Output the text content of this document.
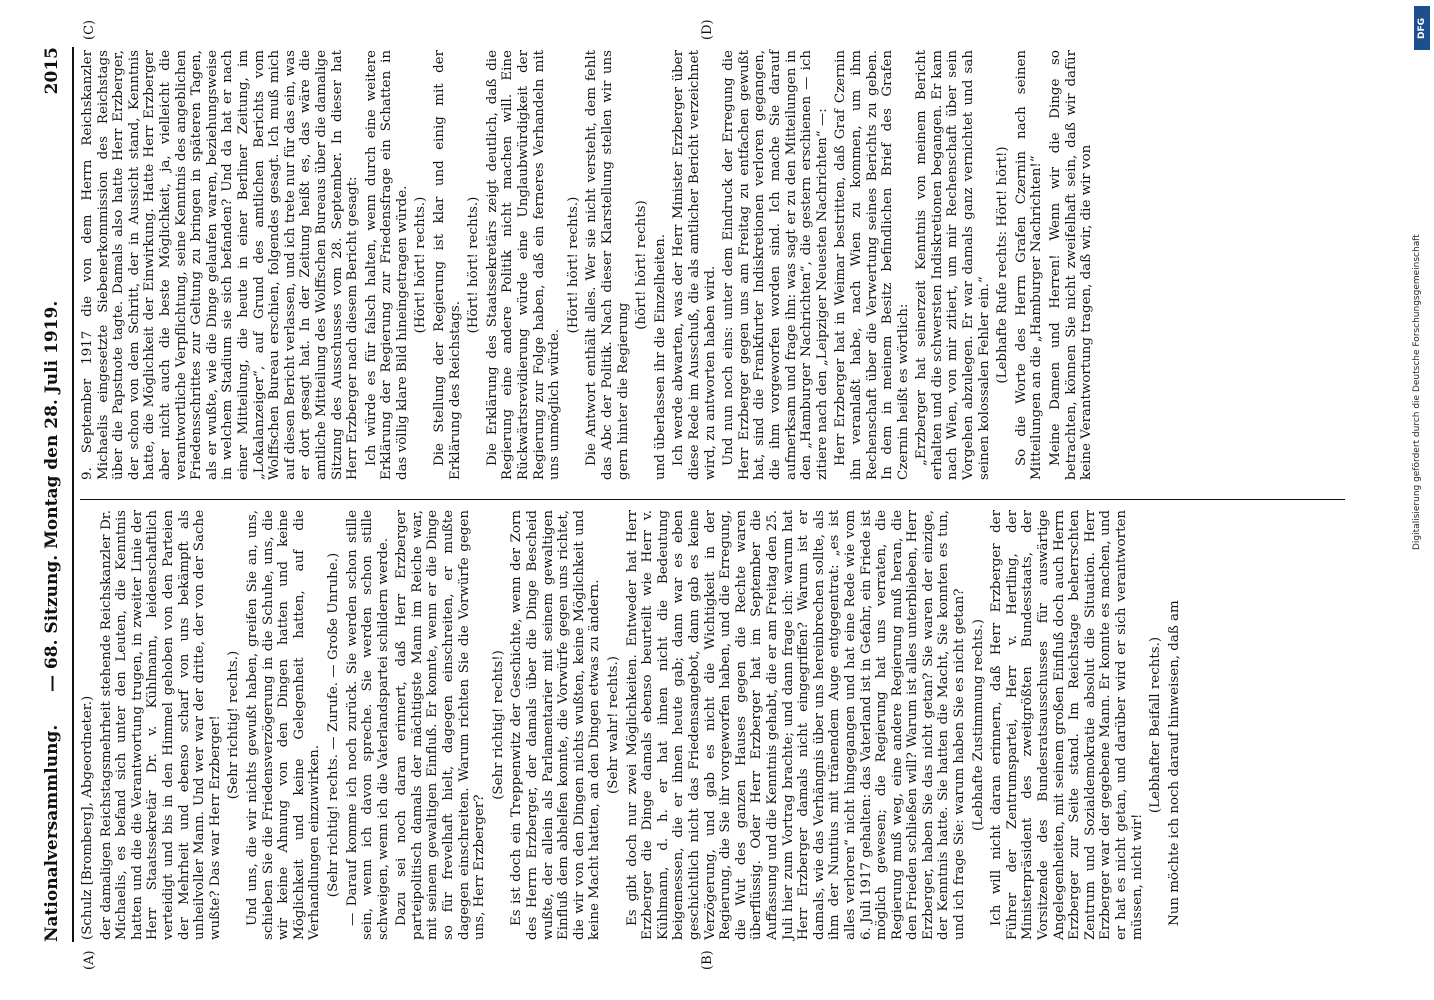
Nationalversammlung.
— 68. Sitzung. Montag den 28. Juli 1919.
2015
(A)	(B)
(C)	(D)

(Schulz [Bromberg], Abgeordneter.) der damaligen Reichstagsmehrheit stehende Reichskanzler Dr. Michaelis, es befand sich unter den Leuten, die Kenntnis hatten und die die Verantwortung trugen, in zweiter Linie der Herr Staatssekretär Dr. v. Kühlmann, leidenschaftlich verteidigt und bis in den Himmel gehoben von den Parteien der Mehrheit und ebenso scharf von uns bekämpft als unheilvoller Mann. Und wer war der dritte, der von der Sache wußte? Das war Herr Erzberger! (Sehr richtig! rechts.) Und uns, die wir nichts gewußt haben, greifen Sie an, uns, schieben Sie die Friedensverzögerung in die Schuhe, uns, die wir keine Ahnung von den Dingen hatten und keine Möglichkeit und keine Gelegenheit hatten, auf die Verhandlungen einzuwirken. (Sehr richtig! rechts. — Zurufe. — Große Unruhe.) — Darauf komme ich noch zurück. Sie werden schon stille sein, wenn ich davon spreche. Sie werden schon stille schweigen, wenn ich die Vaterlandspartei schildern werde. Dazu sei noch daran erinnert, daß Herr Erzberger parteipolitisch damals der mächtigste Mann im Reiche war, mit seinem gewaltigen Einfluß. Er konnte, wenn er die Dinge so für frevelhaft hielt, dagegen einschreiten, er mußte dagegen einschreiten. Warum richten Sie die Vorwürfe gegen uns, Herr Erzberger?

(Sehr richtig! rechts!) Es ist doch ein Treppenwitz der Geschichte, wenn der Zorn des Herrn Erzberger, der damals über die Dinge Bescheid wußte, der allein als Parlamentarier mit seinem gewaltigen Einfluß dem abhelfen konnte, die Vorwürfe gegen uns richtet, die wir von den Dingen nichts wußten, keine Möglichkeit und keine Macht hatten, an den Dingen etwas zu ändern. (Sehr wahr! rechts.) Es gibt doch nur zwei Möglichkeiten. Entweder hat Herr Erzberger die Dinge damals ebenso beurteilt wie Herr v. Kühlmann, d. h. er hat ihnen nicht die Bedeutung beigemessen, die er ihnen heute gab; dann war es eben geschichtlich nicht das Friedensangebot, dann gab es keine Verzögerung, und gab es nicht die Wichtigkeit in der Regierung, die Sie ihr vorgeworfen haben, und die Erregung, die Wut des ganzen Hauses gegen die Rechte waren überflüssig. Oder Herr Erzberger hat im September die Auffassung und die Kenntnis gehabt, die er am Freitag den 25. Juli hier zum Vortrag brachte; und dann frage ich: warum hat Herr Erzberger damals nicht eingegriffen? Warum ist er damals, wie das Verhängnis über uns hereinbrechen sollte, als ihm der Nuntius mit tränendem Auge entgegentrat: „es ist alles verloren“ nicht hingegangen und hat eine Rede wie vom 6. Juli 1917 gehalten: das Vaterland ist in Gefahr, ein Friede ist möglich gewesen; die Regierung hat uns verraten, die Regierung muß weg, eine andere Regierung muß heran, die den Frieden schließen will? Warum ist alles unterblieben, Herr Erzberger, haben Sie das nicht getan? Sie waren der einzige, der Kenntnis hatte. Sie hatten die Macht, Sie konnten es tun, und ich frage Sie: warum haben Sie es nicht getan? (Lebhafte Zustimmung rechts.) Ich will nicht daran erinnern, daß Herr Erzberger der Führer der Zentrumspartei, Herr v. Hertling, der Ministerpräsident des zweitgrößten Bundesstaats, der Vorsitzende des Bundesratsausschusses für auswärtige Angelegenheiten, mit seinem großen Einfluß doch auch Herrn Erzberger zur Seite stand. Im Reichstage beherrschten Zentrum und Sozialdemokratie absolut die Situation. Herr Erzberger war der gegebene Mann. Er konnte es machen, und er hat es nicht getan, und darüber wird er sich verantworten müssen, nicht wir!

(Lebhafter Beifall rechts.) Nun möchte ich noch darauf hinweisen, daß am

9. September 1917 die von dem Herrn Reichskanzler Michaelis eingesetzte Siebenerkommission des Reichstags über die Papstnote tagte. Damals also hatte Herr Erzberger, der schon von dem Schritt, der in Aussicht stand, Kenntnis hatte, die Möglichkeit der Einwirkung. Hatte Herr Erzberger aber nicht auch die beste Möglichkeit, ja, vielleicht die verantwortliche Verpflichtung, seine Kenntnis des angeblichen Friedensschrittes zur Geltung zu bringen in späteren Tagen, als er wußte, wie die Dinge gelaufen waren, beziehungsweise in welchem Stadium sie sich befanden? Und da hat er nach einer Mitteilung, die heute in einer Berliner Zeitung, im „Lokalanzeiger“, auf Grund des amtlichen Berichts vom Wolffschen Bureau erschien, folgendes gesagt. Ich muß mich auf diesen Bericht verlassen, und ich trete nur für das ein, was er dort gesagt hat. In der Zeitung heißt es, das wäre die amtliche Mitteilung des Wolffschen Bureaus über die damalige Sitzung des Ausschusses vom 28. September. In dieser hat Herr Erzberger nach diesem Bericht gesagt: Ich würde es für falsch halten, wenn durch eine weitere Erklärung der Regierung zur Friedensfrage ein Schatten in das völlig klare Bild hineingetragen würde. (Hört! hört! rechts.) Die Stellung der Regierung ist klar und einig mit der Erklärung des Reichstags.

(Hört! hört! rechts.) Die Erklärung des Staatssekretärs zeigt deutlich, daß die Regierung eine andere Politik nicht machen will. Eine Rückwärtsrevidierung würde eine Unglaubwürdigkeit der Regierung zur Folge haben, daß ein ferneres Verhandeln mit uns unmöglich würde.

(Hört! hört! rechts.) Die Antwort enthält alles. Wer sie nicht versteht, dem fehlt das Abc der Politik. Nach dieser Klarstellung stellen wir uns gern hinter die Regierung

(hört! hört! rechts) und überlassen ihr die Einzelheiten. Ich werde abwarten, was der Herr Minister Erzberger über diese Rede im Ausschuß, die als amtlicher Bericht verzeichnet wird, zu antworten haben wird. Und nun noch eins: unter dem Eindruck der Erregung die Herr Erzberger gegen uns am Freitag zu entfachen gewußt hat, sind die Frankfurter Indiskretionen verloren gegangen, die ihm vorgeworfen worden sind. Ich mache Sie darauf aufmerksam und frage ihn: was sagt er zu den Mitteilungen in den „Hamburger Nachrichten“, die gestern erschienen — ich zitiere nach den „Leipziger Neuesten Nachrichten“ —: Herr Erzberger hat in Weimar bestritten, daß Graf Czernin ihn veranlaßt habe, nach Wien zu kommen, um ihm Rechenschaft über die Verwertung seines Berichts zu geben. In dem in meinem Besitz befindlichen Brief des Grafen Czernin heißt es wörtlich: „Erzberger hat seinerzeit Kenntnis von meinem Bericht erhalten und die schwersten Indiskretionen begangen. Er kam nach Wien, von mir zitiert, um mir Rechenschaft über sein Vorgehen abzulegen. Er war damals ganz vernichtet und sah seinen kolossalen Fehler ein.“ (Lebhafte Rufe rechts: Hört! hört!) So die Worte des Herrn Grafen Czernin nach seinen Mitteilungen an die „Hamburger Nachrichten!“ Meine Damen und Herren! Wenn wir die Dinge so betrachten, können Sie nicht zweifelhaft sein, daß wir dafür keine Verantwortung tragen, daß wir, die wir von

DFG
Digitalisierung gefördert durch die Deutsche Forschungsgemeinschaft
